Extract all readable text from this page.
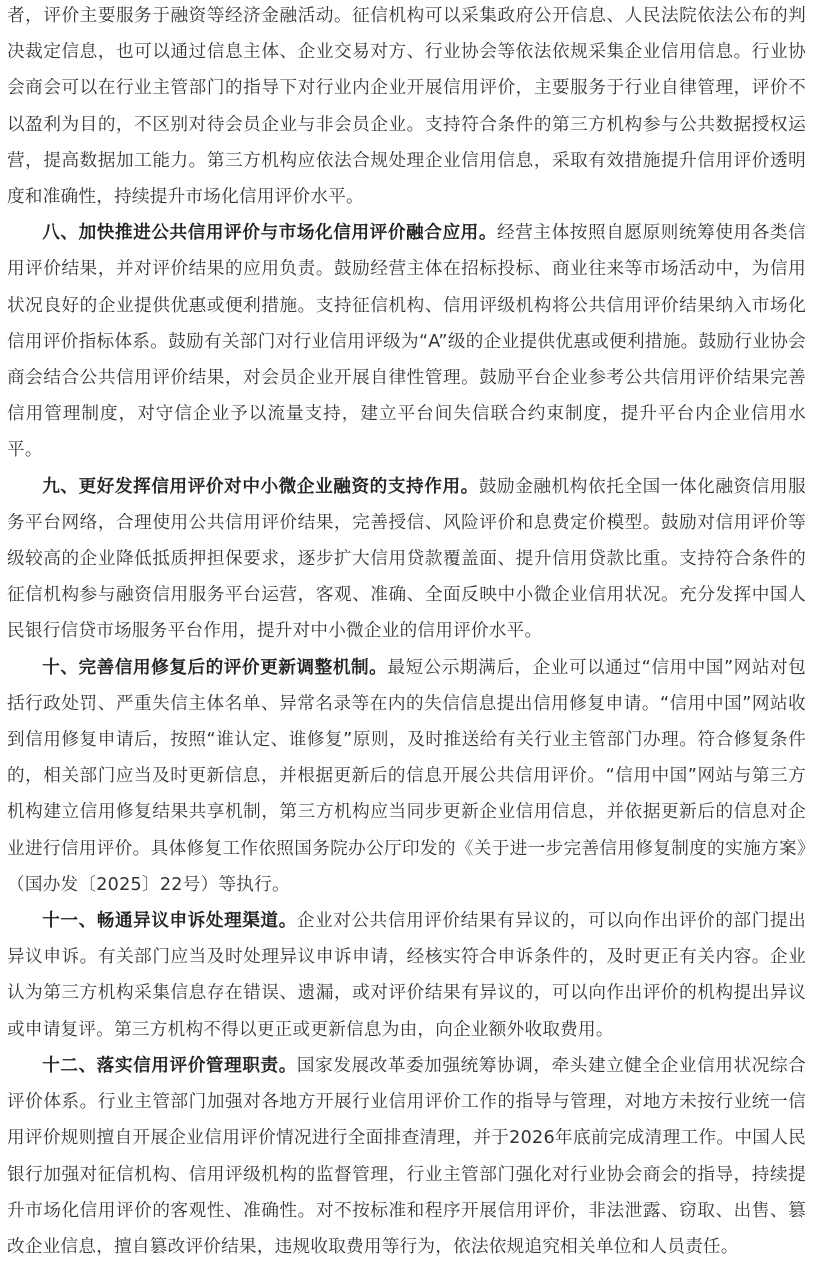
者，评价主要服务于融资等经济金融活动。征信机构可以采集政府公开信息、人民法院依法公布的判决裁定信息，也可以通过信息主体、企业交易对方、行业协会等依法依规采集企业信用信息。行业协会商会可以在行业主管部门的指导下对行业内企业开展信用评价，主要服务于行业自律管理，评价不以盈利为目的，不区别对待会员企业与非会员企业。支持符合条件的第三方机构参与公共数据授权运营，提高数据加工能力。第三方机构应依法合规处理企业信用信息，采取有效措施提升信用评价透明度和准确性，持续提升市场化信用评价水平。

八、加快推进公共信用评价与市场化信用评价融合应用。经营主体按照自愿原则统筹使用各类信用评价结果，并对评价结果的应用负责。鼓励经营主体在招标投标、商业往来等市场活动中，为信用状况良好的企业提供优惠或便利措施。支持征信机构、信用评级机构将公共信用评价结果纳入市场化信用评价指标体系。鼓励有关部门对行业信用评级为“A”级的企业提供优惠或便利措施。鼓励行业协会商会结合公共信用评价结果，对会员企业开展自律性管理。鼓励平台企业参考公共信用评价结果完善信用管理制度，对守信企业予以流量支持，建立平台间失信联合约束制度，提升平台内企业信用水平。

九、更好发挥信用评价对中小微企业融资的支持作用。鼓励金融机构依托全国一体化融资信用服务平台网络，合理使用公共信用评价结果，完善授信、风险评价和息费定价模型。鼓励对信用评价等级较高的企业降低抵质押担保要求，逐步扩大信用贷款覆盖面、提升信用贷款比重。支持符合条件的征信机构参与融资信用服务平台运营，客观、准确、全面反映中小微企业信用状况。充分发挥中国人民银行信贷市场服务平台作用，提升对中小微企业的信用评价水平。

十、完善信用修复后的评价更新调整机制。最短公示期满后，企业可以通过“信用中国”网站对包括行政处罚、严重失信主体名单、异常名录等在内的失信信息提出信用修复申请。“信用中国”网站收到信用修复申请后，按照“谁认定、谁修复”原则，及时推送给有关行业主管部门办理。符合修复条件的，相关部门应当及时更新信息，并根据更新后的信息开展公共信用评价。“信用中国”网站与第三方机构建立信用修复结果共享机制，第三方机构应当同步更新企业信用信息，并依据更新后的信息对企业进行信用评价。具体修复工作依照国务院办公厅印发的《关于进一步完善信用修复制度的实施方案》（国办发〔2025〕22号）等执行。

十一、畅通异议申诉处理渠道。企业对公共信用评价结果有异议的，可以向作出评价的部门提出异议申诉。有关部门应当及时处理异议申诉申请，经核实符合申诉条件的，及时更正有关内容。企业认为第三方机构采集信息存在错误、遗漏，或对评价结果有异议的，可以向作出评价的机构提出异议或申请复评。第三方机构不得以更正或更新信息为由，向企业额外收取费用。

十二、落实信用评价管理职责。国家发展改革委加强统筹协调，牵头建立健全企业信用状况综合评价体系。行业主管部门加强对各地方开展行业信用评价工作的指导与管理，对地方未按行业统一信用评价规则擅自开展企业信用评价情况进行全面排查清理，并于2026年底前完成清理工作。中国人民银行加强对征信机构、信用评级机构的监督管理，行业主管部门强化对行业协会商会的指导，持续提升市场化信用评价的客观性、准确性。对不按标准和程序开展信用评价，非法泄露、窃取、出售、篡改企业信息，擅自篡改评价结果，违规收取费用等行为，依法依规追究相关单位和人员责任。
